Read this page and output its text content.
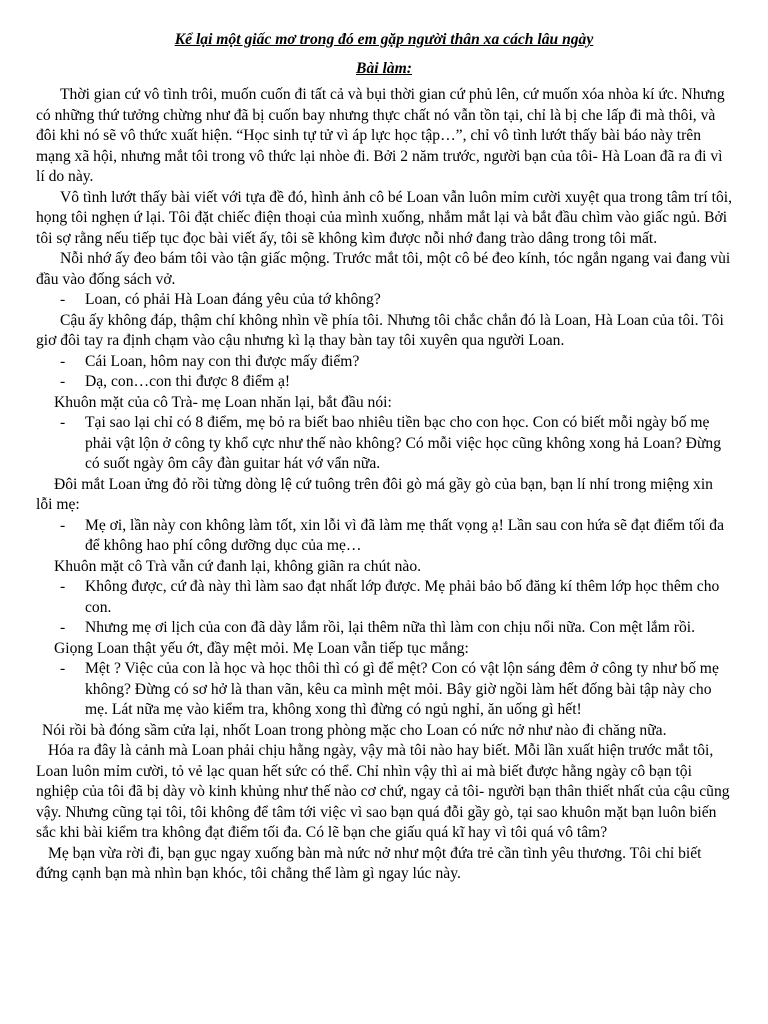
Kể lại một giấc mơ trong đó em gặp người thân xa cách lâu ngày

Bài làm:

Thời gian cứ vô tình trôi, muốn cuốn đi tất cả và bụi thời gian cứ phủ lên, cứ muốn xóa nhòa kí ức. Nhưng có những thứ tưởng chừng như đã bị cuốn bay nhưng thực chất nó vẫn tồn tại, chỉ là bị che lấp đi mà thôi, và đôi khi nó sẽ vô thức xuất hiện. “Học sinh tự tử vì áp lực học tập…”, chỉ vô tình lướt thấy bài báo này trên mạng xã hội, nhưng mắt tôi trong vô thức lại nhòe đi. Bởi 2 năm trước, người bạn của tôi- Hà Loan đã ra đi vì lí do này.

Vô tình lướt thấy bài viết với tựa đề đó, hình ảnh cô bé Loan vẫn luôn mỉm cười xuyệt qua trong tâm trí tôi, họng tôi nghẹn ứ lại. Tôi đặt chiếc điện thoại của mình xuống, nhắm mắt lại và bắt đầu chìm vào giấc ngủ. Bởi tôi sợ rằng nếu tiếp tục đọc bài viết ấy, tôi sẽ không kìm được nỗi nhớ đang trào dâng trong tôi mất.

Nỗi nhớ ấy đeo bám tôi vào tận giấc mộng. Trước mắt tôi, một cô bé đeo kính, tóc ngắn ngang vai đang vùi đầu vào đống sách vở.

- Loan, có phải Hà Loan đáng yêu của tớ không?

Cậu ấy không đáp, thậm chí không nhìn về phía tôi. Nhưng tôi chắc chắn đó là Loan, Hà Loan của tôi. Tôi giơ đôi tay ra định chạm vào cậu nhưng kì lạ thay bàn tay tôi xuyên qua người Loan.

- Cái Loan, hôm nay con thi được mấy điểm?

- Dạ, con…con thi được 8 điểm ạ!

Khuôn mặt của cô Trà- mẹ Loan nhăn lại, bắt đầu nói:

- Tại sao lại chỉ có 8 điểm, mẹ bỏ ra biết bao nhiêu tiền bạc cho con học. Con có biết mỗi ngày bố mẹ phải vật lộn ở công ty khổ cực như thế nào không? Có mỗi việc học cũng không xong hả Loan? Đừng có suốt ngày ôm cây đàn guitar hát vớ vẩn nữa.

Đôi mắt Loan ửng đỏ rồi từng dòng lệ cứ tuông trên đôi gò má gầy gò của bạn, bạn lí nhí trong miệng xin lỗi mẹ:

- Mẹ ơi, lần này con không làm tốt, xin lỗi vì đã làm mẹ thất vọng ạ! Lần sau con hứa sẽ đạt điểm tối đa để không hao phí công dưỡng dục của mẹ…

Khuôn mặt cô Trà vẫn cứ đanh lại, không giãn ra chút nào.

- Không được, cứ đà này thì làm sao đạt nhất lớp được. Mẹ phải bảo bố đăng kí thêm lớp học thêm cho con.

- Nhưng mẹ ơi lịch của con đã dày lắm rồi, lại thêm nữa thì làm con chịu nổi nữa. Con mệt lắm rồi.

Giọng Loan thật yếu ớt, đầy mệt mỏi. Mẹ Loan vẫn tiếp tục mắng:

- Mệt ? Việc của con là học và học thôi thì có gì để mệt? Con có vật lộn sáng đêm ở công ty như bố mẹ không? Đừng có sơ hở là than vãn, kêu ca mình mệt mỏi. Bây giờ ngồi làm hết đống bài tập này cho mẹ. Lát nữa mẹ vào kiểm tra, không xong thì đừng có ngủ nghỉ, ăn uống gì hết!

Nói rồi bà đóng sầm cửa lại, nhốt Loan trong phòng mặc cho Loan có nức nở như nào đi chăng nữa.

Hóa ra đây là cảnh mà Loan phải chịu hằng ngày, vậy mà tôi nào hay biết. Mỗi lần xuất hiện trước mắt tôi, Loan luôn mỉm cười, tỏ vẻ lạc quan hết sức có thể. Chỉ nhìn vậy thì ai mà biết được hằng ngày cô bạn tội nghiệp của tôi đã bị dày vò kinh khủng như thế nào cơ chứ, ngay cả tôi- người bạn thân thiết nhất của cậu cũng vậy. Nhưng cũng tại tôi, tôi không để tâm tới việc vì sao bạn quá đỗi gầy gò, tại sao khuôn mặt bạn luôn biến sắc khi bài kiểm tra không đạt điểm tối đa. Có lẽ bạn che giấu quá kĩ hay vì tôi quá vô tâm?

Mẹ bạn vừa rời đi, bạn gục ngay xuống bàn mà nức nở như một đứa trẻ cần tình yêu thương. Tôi chỉ biết đứng cạnh bạn mà nhìn bạn khóc, tôi chẳng thể làm gì ngay lúc này.
